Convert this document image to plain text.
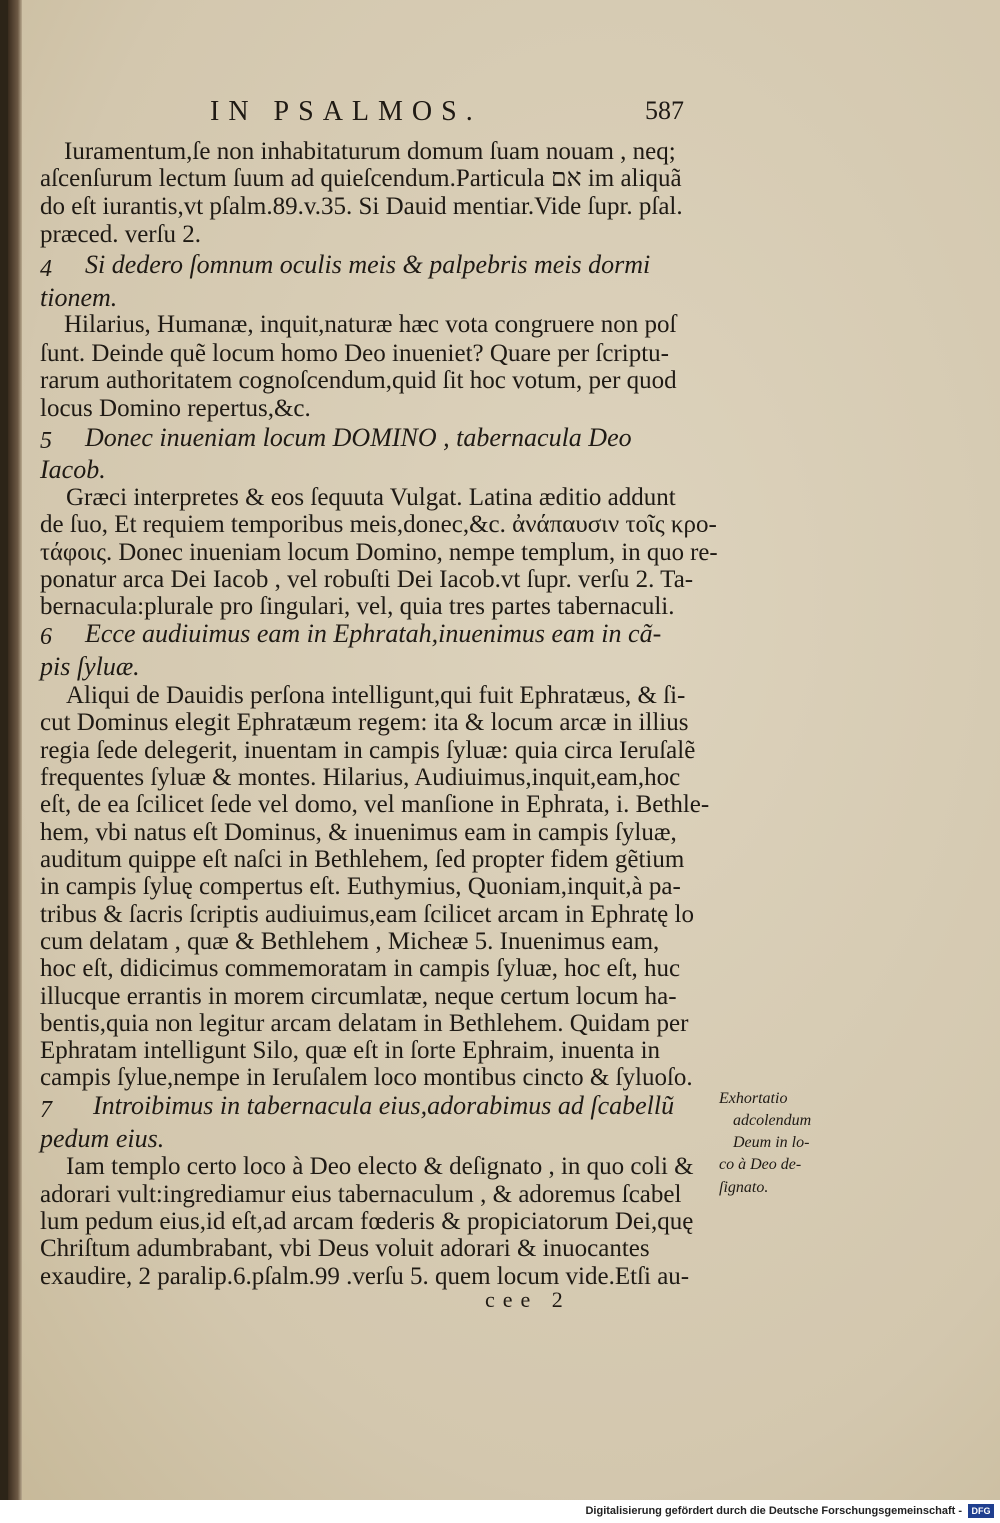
IN PSALMOS.	587
4
5
6
7
Iuramentum,ſe non inhabitaturum domum ſuam nouam , neq;
aſcenſurum lectum ſuum ad quieſcendum.Particula אם im aliquã
do eſt iurantis,vt pſalm.89.v.35. Si Dauid mentiar.Vide ſupr. pſal.
præced. verſu 2.
Si dedero ſomnum oculis meis & palpebris meis dormi
tionem.
Hilarius, Humanæ, inquit,naturæ hæc vota congruere non poſ
ſunt. Deinde quẽ locum homo Deo inueniet? Quare per ſcriptu-
rarum authoritatem cognoſcendum,quid ſit hoc votum, per quod
locus Domino repertus,&c.
Donec inueniam locum DOMINO , tabernacula Deo
Iacob.
Græci interpretes & eos ſequuta Vulgat. Latina æditio addunt
de ſuo, Et requiem temporibus meis,donec,&c. ἀνάπαυσιν τοῖς κρο-
τάφοις. Donec inueniam locum Domino, nempe templum, in quo re-
ponatur arca Dei Iacob , vel robuſti Dei Iacob.vt ſupr. verſu 2. Ta-
bernacula:plurale pro ſingulari, vel, quia tres partes tabernaculi.
Ecce audiuimus eam in Ephratah,inuenimus eam in cã-
pis ſyluæ.
Aliqui de Dauidis perſona intelligunt,qui fuit Ephratæus, & ſi-
cut Dominus elegit Ephratæum regem: ita & locum arcæ in illius
regia ſede delegerit, inuentam in campis ſyluæ: quia circa Ieruſalẽ
frequentes ſyluæ & montes. Hilarius, Audiuimus,inquit,eam,hoc
eſt, de ea ſcilicet ſede vel domo, vel manſione in Ephrata, i. Bethle-
hem, vbi natus eſt Dominus, & inuenimus eam in campis ſyluæ,
auditum quippe eſt naſci in Bethlehem, ſed propter fidem gẽtium
in campis ſyluę compertus eſt. Euthymius, Quoniam,inquit,à pa-
tribus & ſacris ſcriptis audiuimus,eam ſcilicet arcam in Ephratę lo
cum delatam , quæ & Bethlehem , Micheæ 5. Inuenimus eam,
hoc eſt, didicimus commemoratam in campis ſyluæ, hoc eſt, huc
illucque errantis in morem circumlatæ, neque certum locum ha-
bentis,quia non legitur arcam delatam in Bethlehem. Quidam per
Ephratam intelligunt Silo, quæ eſt in ſorte Ephraim, inuenta in
campis ſylue,nempe in Ieruſalem loco montibus cincto & ſyluoſo.
Introibimus in tabernacula eius,adorabimus ad ſcabellũ
pedum eius.
Iam templo certo loco à Deo electo & deſignato , in quo coli &
adorari vult:ingrediamur eius tabernaculum , & adoremus ſcabel
lum pedum eius,id eſt,ad arcam fœderis & propiciatorum Dei,quę
Chriſtum adumbrabant, vbi Deus voluit adorari & inuocantes
exaudire, 2 paralip.6.pſalm.99 .verſu 5. quem locum vide.Etſi au-
Exhortatio
adcolendum
Deum in lo-
co à Deo de-
ſignato.
cee 2
Digitalisierung gefördert durch die Deutsche Forschungsgemeinschaft -	DFG
